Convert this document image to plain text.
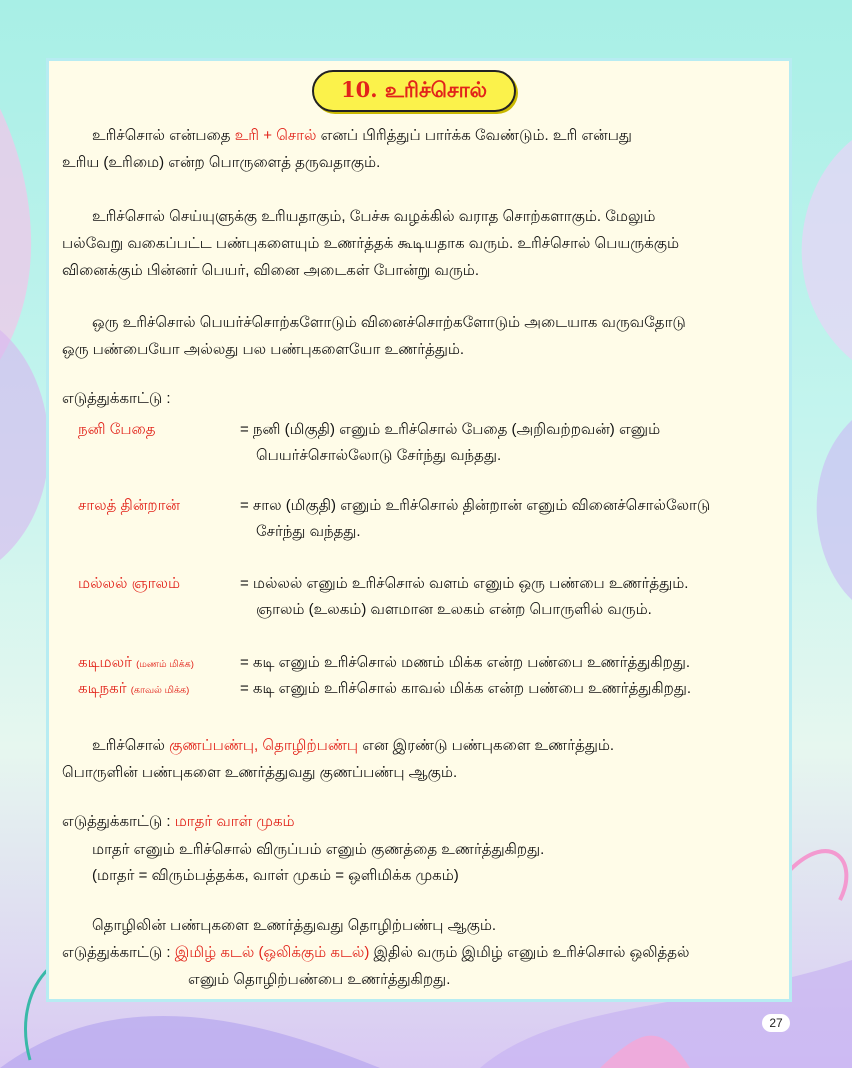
10. உரிச்சொல்
உரிச்சொல் என்பதை உரி + சொல் எனப் பிரித்துப் பார்க்க வேண்டும். உரி என்பது
உரிய (உரிமை) என்ற பொருளைத் தருவதாகும்.
உரிச்சொல் செய்யுளுக்கு உரியதாகும், பேச்சு வழக்கில் வராத சொற்களாகும். மேலும்
பல்வேறு வகைப்பட்ட பண்புகளையும் உணர்த்தக் கூடியதாக வரும். உரிச்சொல் பெயருக்கும்
வினைக்கும் பின்னர் பெயர், வினை அடைகள் போன்று வரும்.
ஒரு உரிச்சொல் பெயர்ச்சொற்களோடும் வினைச்சொற்களோடும் அடையாக வருவதோடு
ஒரு பண்பையோ அல்லது பல பண்புகளையோ உணர்த்தும்.
எடுத்துக்காட்டு :
நனி பேதை	= நனி (மிகுதி) எனும் உரிச்சொல் பேதை (அறிவற்றவன்) எனும்
பெயர்ச்சொல்லோடு சேர்ந்து வந்தது.
சாலத் தின்றான்	= சால (மிகுதி) எனும் உரிச்சொல் தின்றான் எனும் வினைச்சொல்லோடு
சேர்ந்து வந்தது.
மல்லல் ஞாலம்	= மல்லல் எனும் உரிச்சொல் வளம் எனும் ஒரு பண்பை உணர்த்தும்.
ஞாலம் (உலகம்) வளமான உலகம் என்ற பொருளில் வரும்.
கடிமலர் (மணம் மிக்க)	= கடி எனும் உரிச்சொல் மணம் மிக்க என்ற பண்பை உணர்த்துகிறது.
கடிநகர் (காவல் மிக்க)	= கடி எனும் உரிச்சொல் காவல் மிக்க என்ற பண்பை உணர்த்துகிறது.
உரிச்சொல் குணப்பண்பு, தொழிற்பண்பு என இரண்டு பண்புகளை உணர்த்தும்.
பொருளின் பண்புகளை உணர்த்துவது குணப்பண்பு ஆகும்.
எடுத்துக்காட்டு : மாதர் வாள் முகம்
மாதர் எனும் உரிச்சொல் விருப்பம் எனும் குணத்தை உணர்த்துகிறது.
(மாதர் = விரும்பத்தக்க, வாள் முகம் = ஒளிமிக்க முகம்)
தொழிலின் பண்புகளை உணர்த்துவது தொழிற்பண்பு ஆகும்.
எடுத்துக்காட்டு : இமிழ் கடல் (ஒலிக்கும் கடல்) இதில் வரும் இமிழ் எனும் உரிச்சொல் ஒலித்தல்
எனும் தொழிற்பண்பை உணர்த்துகிறது.
27
